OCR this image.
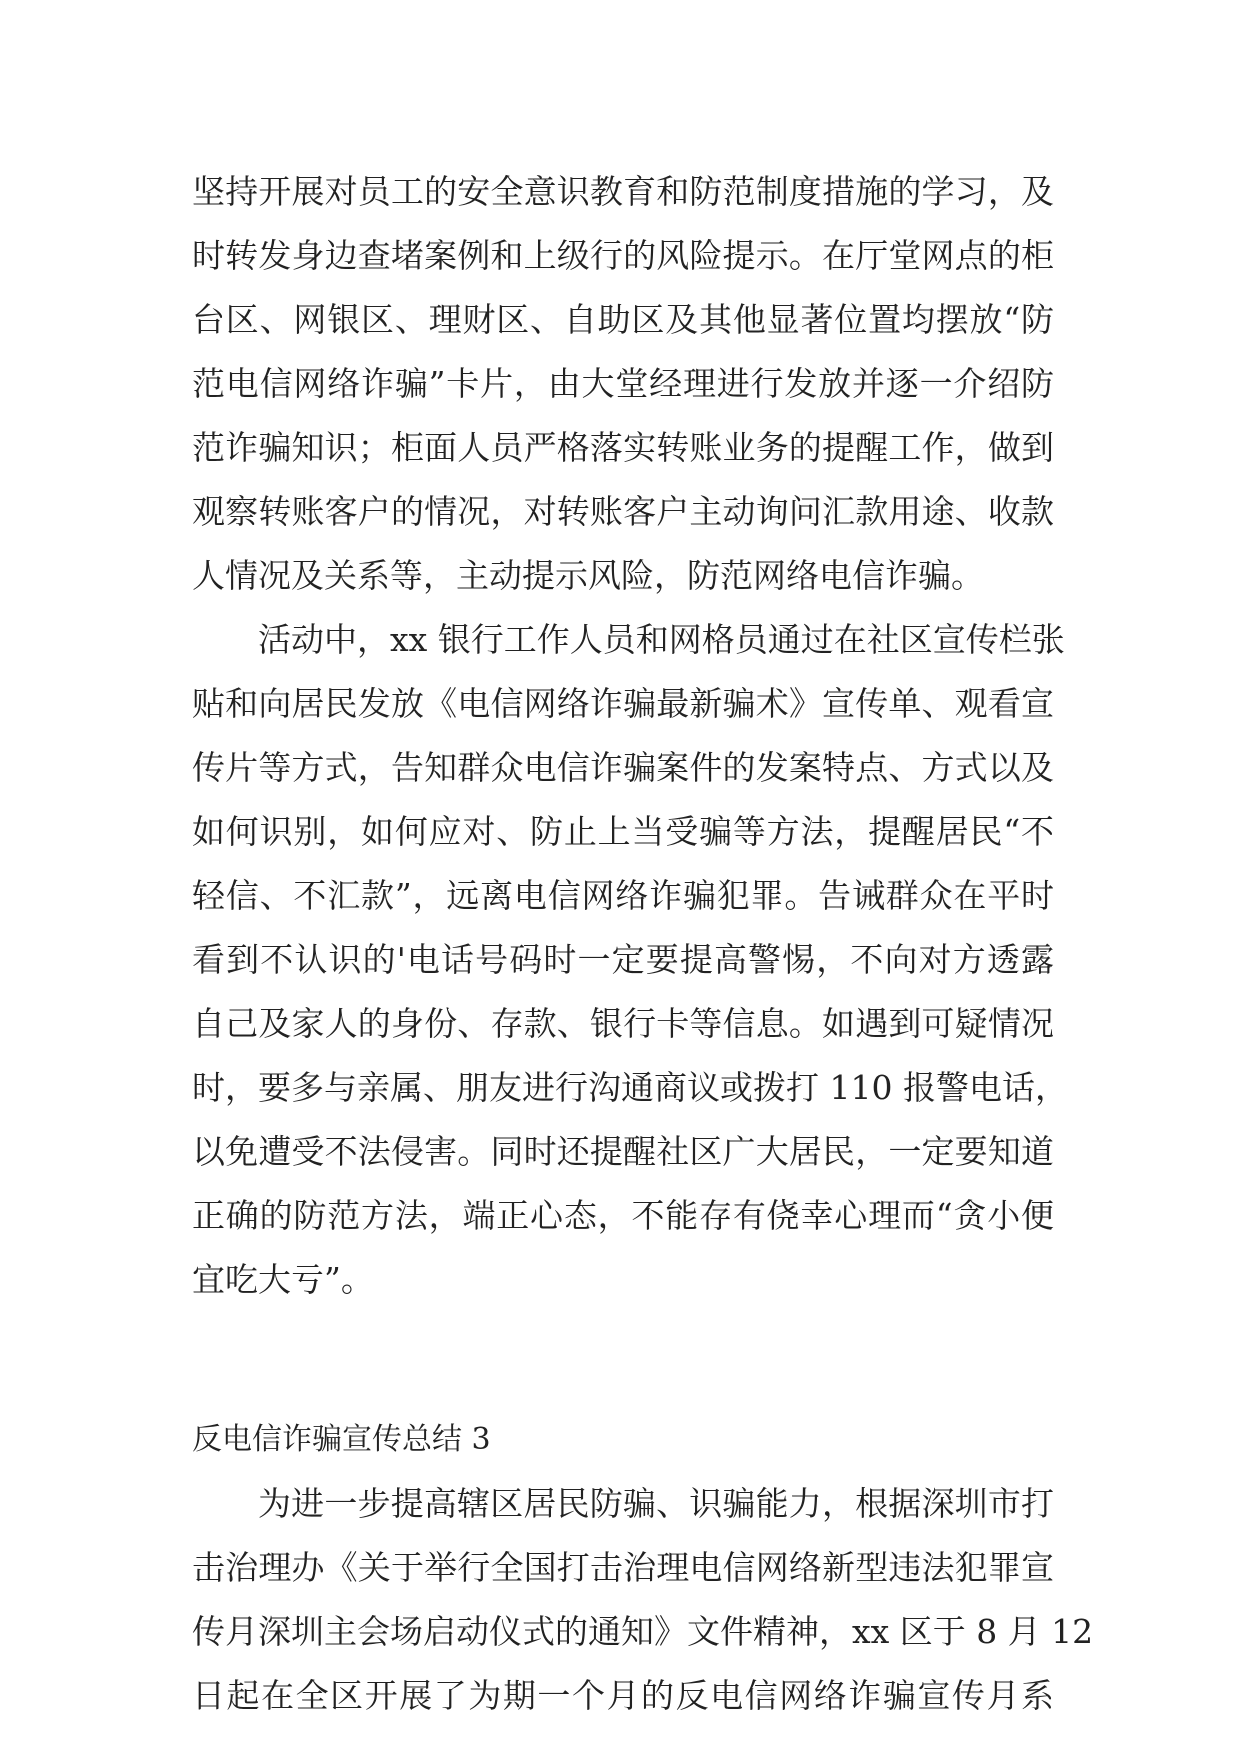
坚持开展对员工的安全意识教育和防范制度措施的学习，及
时转发身边查堵案例和上级行的风险提示。在厅堂网点的柜
台区、网银区、理财区、自助区及其他显著位置均摆放“防
范电信网络诈骗”卡片，由大堂经理进行发放并逐一介绍防
范诈骗知识；柜面人员严格落实转账业务的提醒工作，做到
观察转账客户的情况，对转账客户主动询问汇款用途、收款
人情况及关系等，主动提示风险，防范网络电信诈骗。
活动中，xx 银行工作人员和网格员通过在社区宣传栏张
贴和向居民发放《电信网络诈骗最新骗术》宣传单、观看宣
传片等方式，告知群众电信诈骗案件的发案特点、方式以及
如何识别，如何应对、防止上当受骗等方法，提醒居民“不
轻信、不汇款”，远离电信网络诈骗犯罪。告诫群众在平时
看到不认识的'电话号码时一定要提高警惕，不向对方透露
自己及家人的身份、存款、银行卡等信息。如遇到可疑情况
时，要多与亲属、朋友进行沟通商议或拨打 110 报警电话，
以免遭受不法侵害。同时还提醒社区广大居民，一定要知道
正确的防范方法，端正心态，不能存有侥幸心理而“贪小便
宜吃大亏”。
反电信诈骗宣传总结 3
为进一步提高辖区居民防骗、识骗能力，根据深圳市打
击治理办《关于举行全国打击治理电信网络新型违法犯罪宣
传月深圳主会场启动仪式的通知》文件精神，xx 区于 8 月 12
日起在全区开展了为期一个月的反电信网络诈骗宣传月系
